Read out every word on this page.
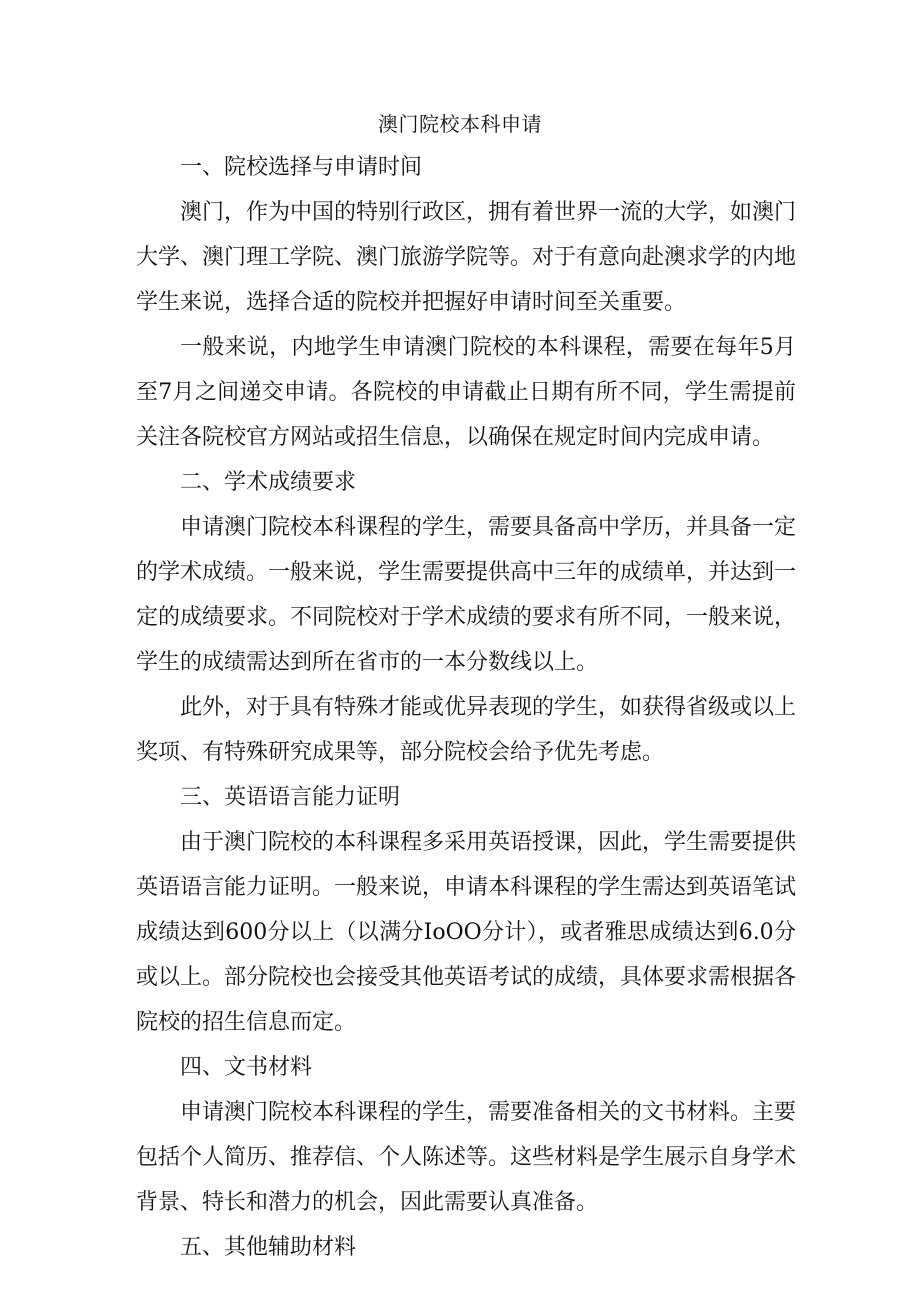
澳门院校本科申请

一、院校选择与申请时间

澳门，作为中国的特别行政区，拥有着世界一流的大学，如澳门大学、澳门理工学院、澳门旅游学院等。对于有意向赴澳求学的内地学生来说，选择合适的院校并把握好申请时间至关重要。

一般来说，内地学生申请澳门院校的本科课程，需要在每年5月至7月之间递交申请。各院校的申请截止日期有所不同，学生需提前关注各院校官方网站或招生信息，以确保在规定时间内完成申请。

二、学术成绩要求

申请澳门院校本科课程的学生，需要具备高中学历，并具备一定的学术成绩。一般来说，学生需要提供高中三年的成绩单，并达到一定的成绩要求。不同院校对于学术成绩的要求有所不同，一般来说，学生的成绩需达到所在省市的一本分数线以上。

此外，对于具有特殊才能或优异表现的学生，如获得省级或以上奖项、有特殊研究成果等，部分院校会给予优先考虑。

三、英语语言能力证明

由于澳门院校的本科课程多采用英语授课，因此，学生需要提供英语语言能力证明。一般来说，申请本科课程的学生需达到英语笔试成绩达到600分以上（以满分IoOO分计），或者雅思成绩达到6.0分或以上。部分院校也会接受其他英语考试的成绩，具体要求需根据各院校的招生信息而定。

四、文书材料

申请澳门院校本科课程的学生，需要准备相关的文书材料。主要包括个人简历、推荐信、个人陈述等。这些材料是学生展示自身学术背景、特长和潜力的机会，因此需要认真准备。

五、其他辅助材料
